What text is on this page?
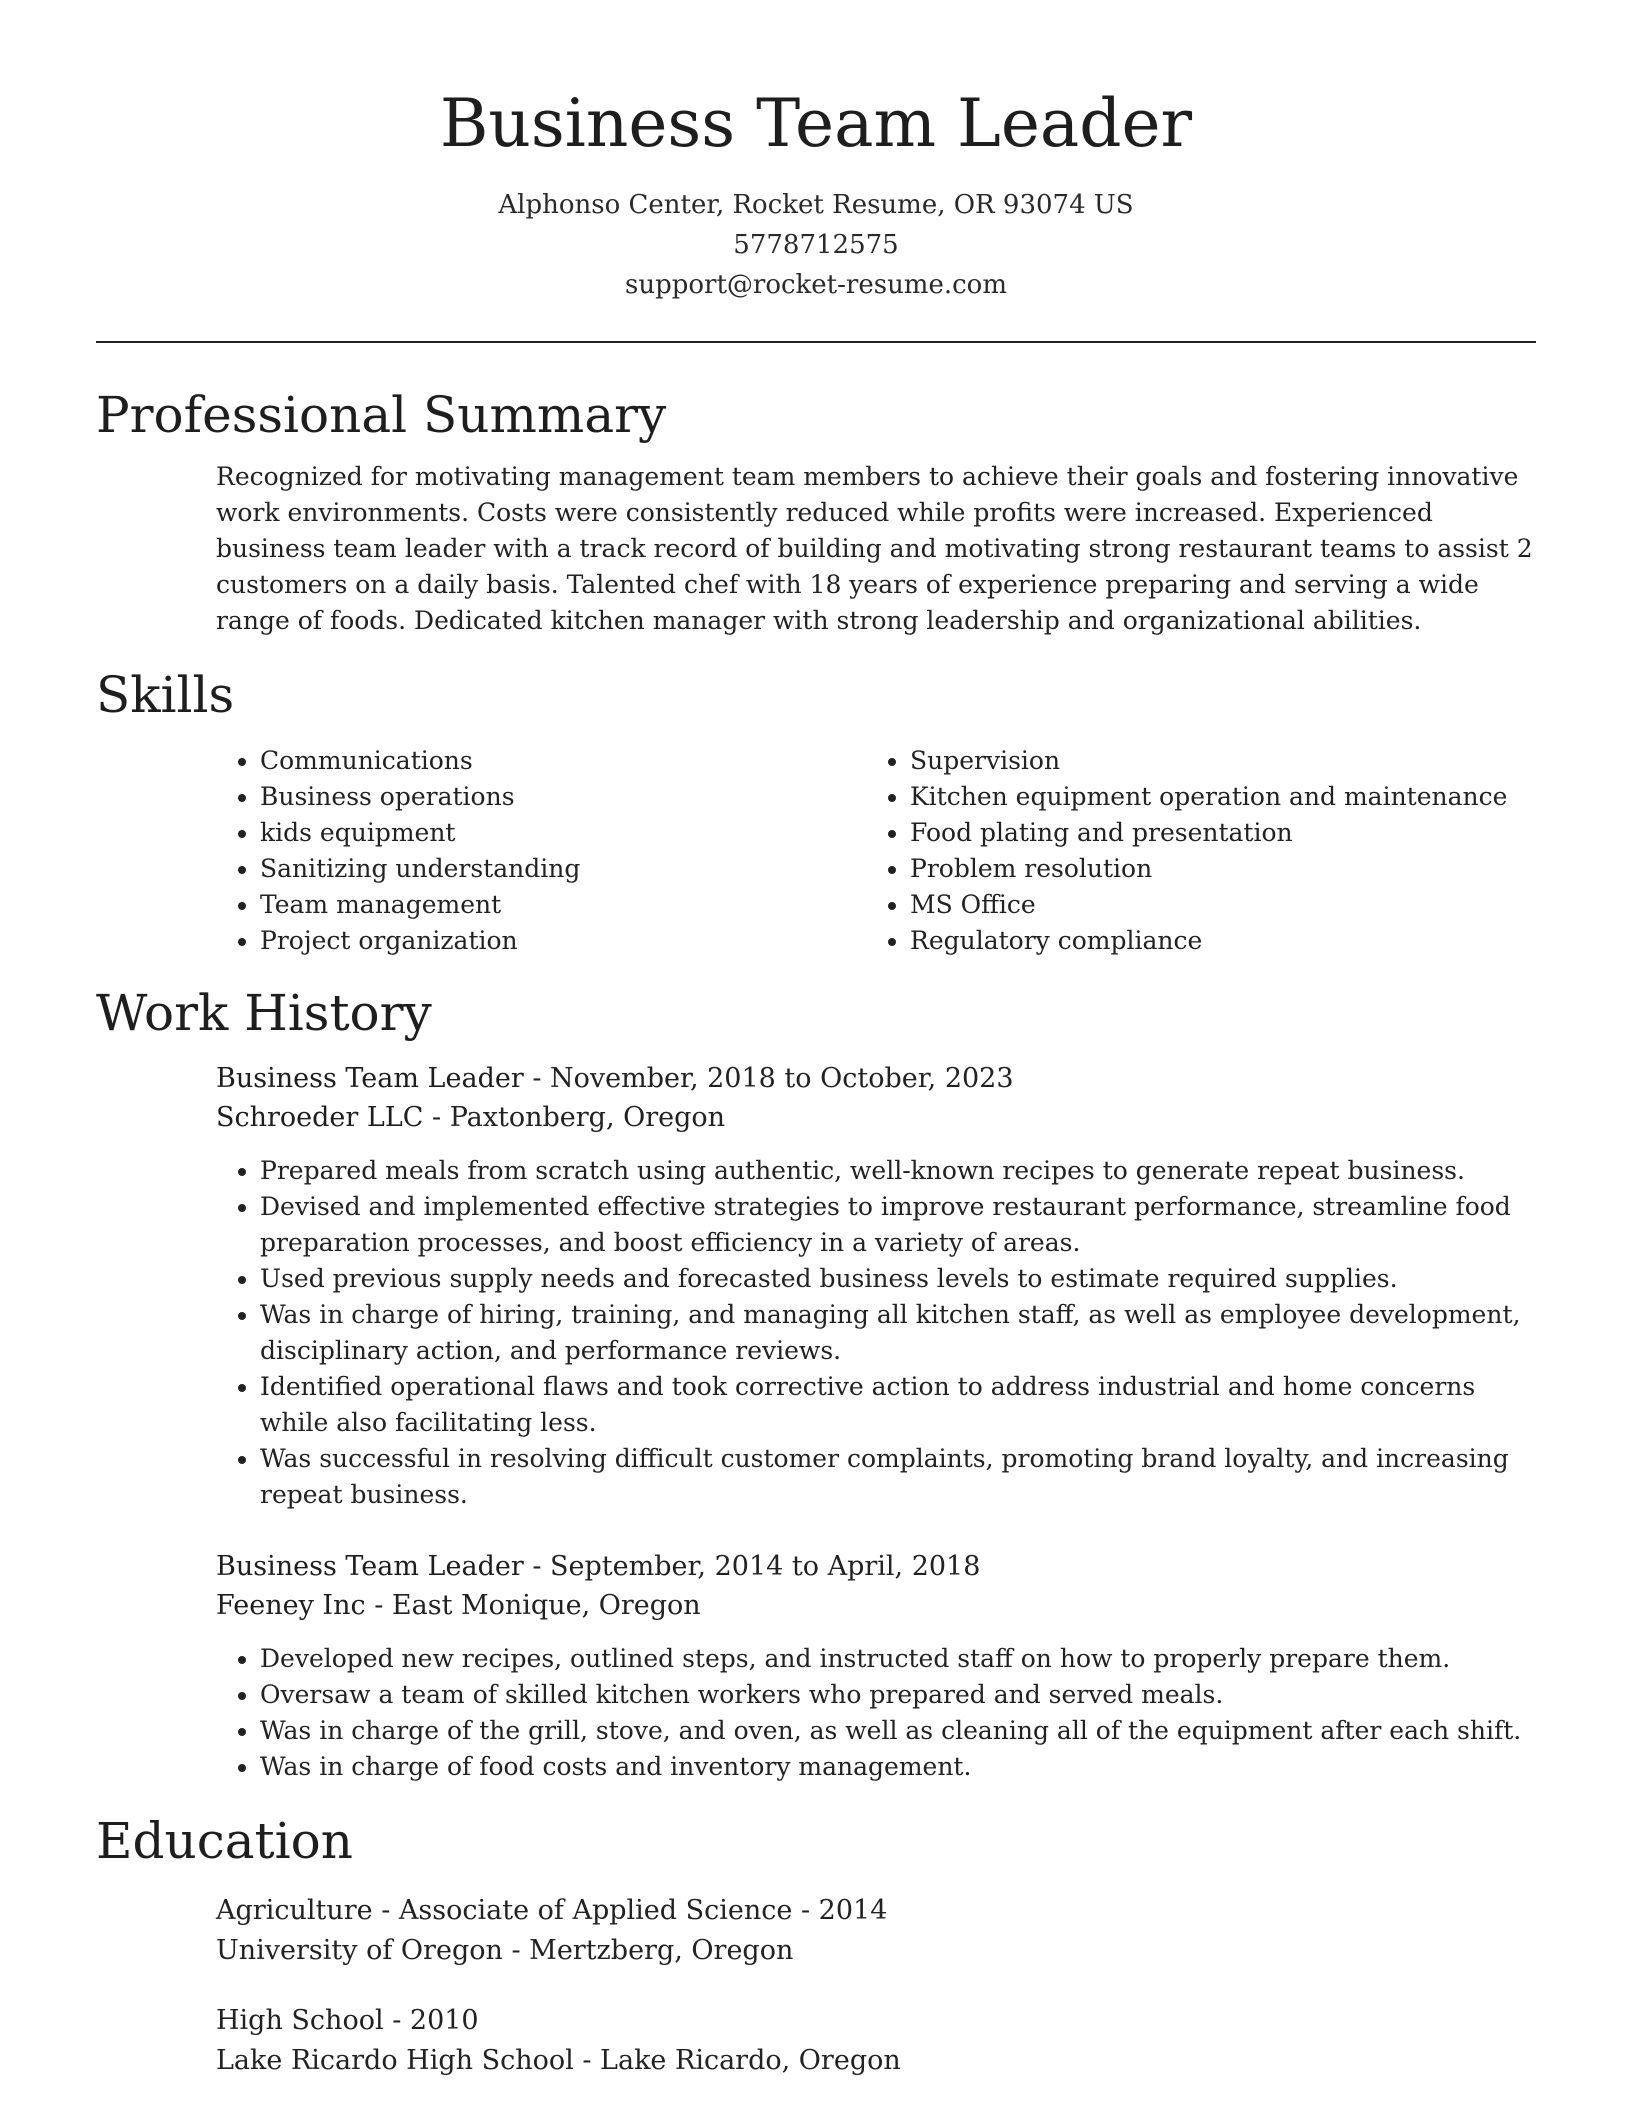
Business Team Leader
Alphonso Center, Rocket Resume, OR 93074 US
5778712575
support@rocket-resume.com
Professional Summary

Recognized for motivating management team members to achieve their goals and fostering innovative work environments. Costs were consistently reduced while profits were increased. Experienced business team leader with a track record of building and motivating strong restaurant teams to assist 2 customers on a daily basis. Talented chef with 18 years of experience preparing and serving a wide range of foods. Dedicated kitchen manager with strong leadership and organizational abilities.

Skills
• Communications
• Business operations
• kids equipment
• Sanitizing understanding
• Team management
• Project organization
• Supervision
• Kitchen equipment operation and maintenance
• Food plating and presentation
• Problem resolution
• MS Office
• Regulatory compliance
Work History
Business Team Leader - November, 2018 to October, 2023
Schroeder LLC - Paxtonberg, Oregon
• Prepared meals from scratch using authentic, well-known recipes to generate repeat business.
• Devised and implemented effective strategies to improve restaurant performance, streamline food preparation processes, and boost efficiency in a variety of areas.
• Used previous supply needs and forecasted business levels to estimate required supplies.
• Was in charge of hiring, training, and managing all kitchen staff, as well as employee development, disciplinary action, and performance reviews.
• Identified operational flaws and took corrective action to address industrial and home concerns while also facilitating less.
• Was successful in resolving difficult customer complaints, promoting brand loyalty, and increasing repeat business.
Business Team Leader - September, 2014 to April, 2018
Feeney Inc - East Monique, Oregon
• Developed new recipes, outlined steps, and instructed staff on how to properly prepare them.
• Oversaw a team of skilled kitchen workers who prepared and served meals.
• Was in charge of the grill, stove, and oven, as well as cleaning all of the equipment after each shift.
• Was in charge of food costs and inventory management.
Education
Agriculture - Associate of Applied Science - 2014
University of Oregon - Mertzberg, Oregon
High School - 2010
Lake Ricardo High School - Lake Ricardo, Oregon
